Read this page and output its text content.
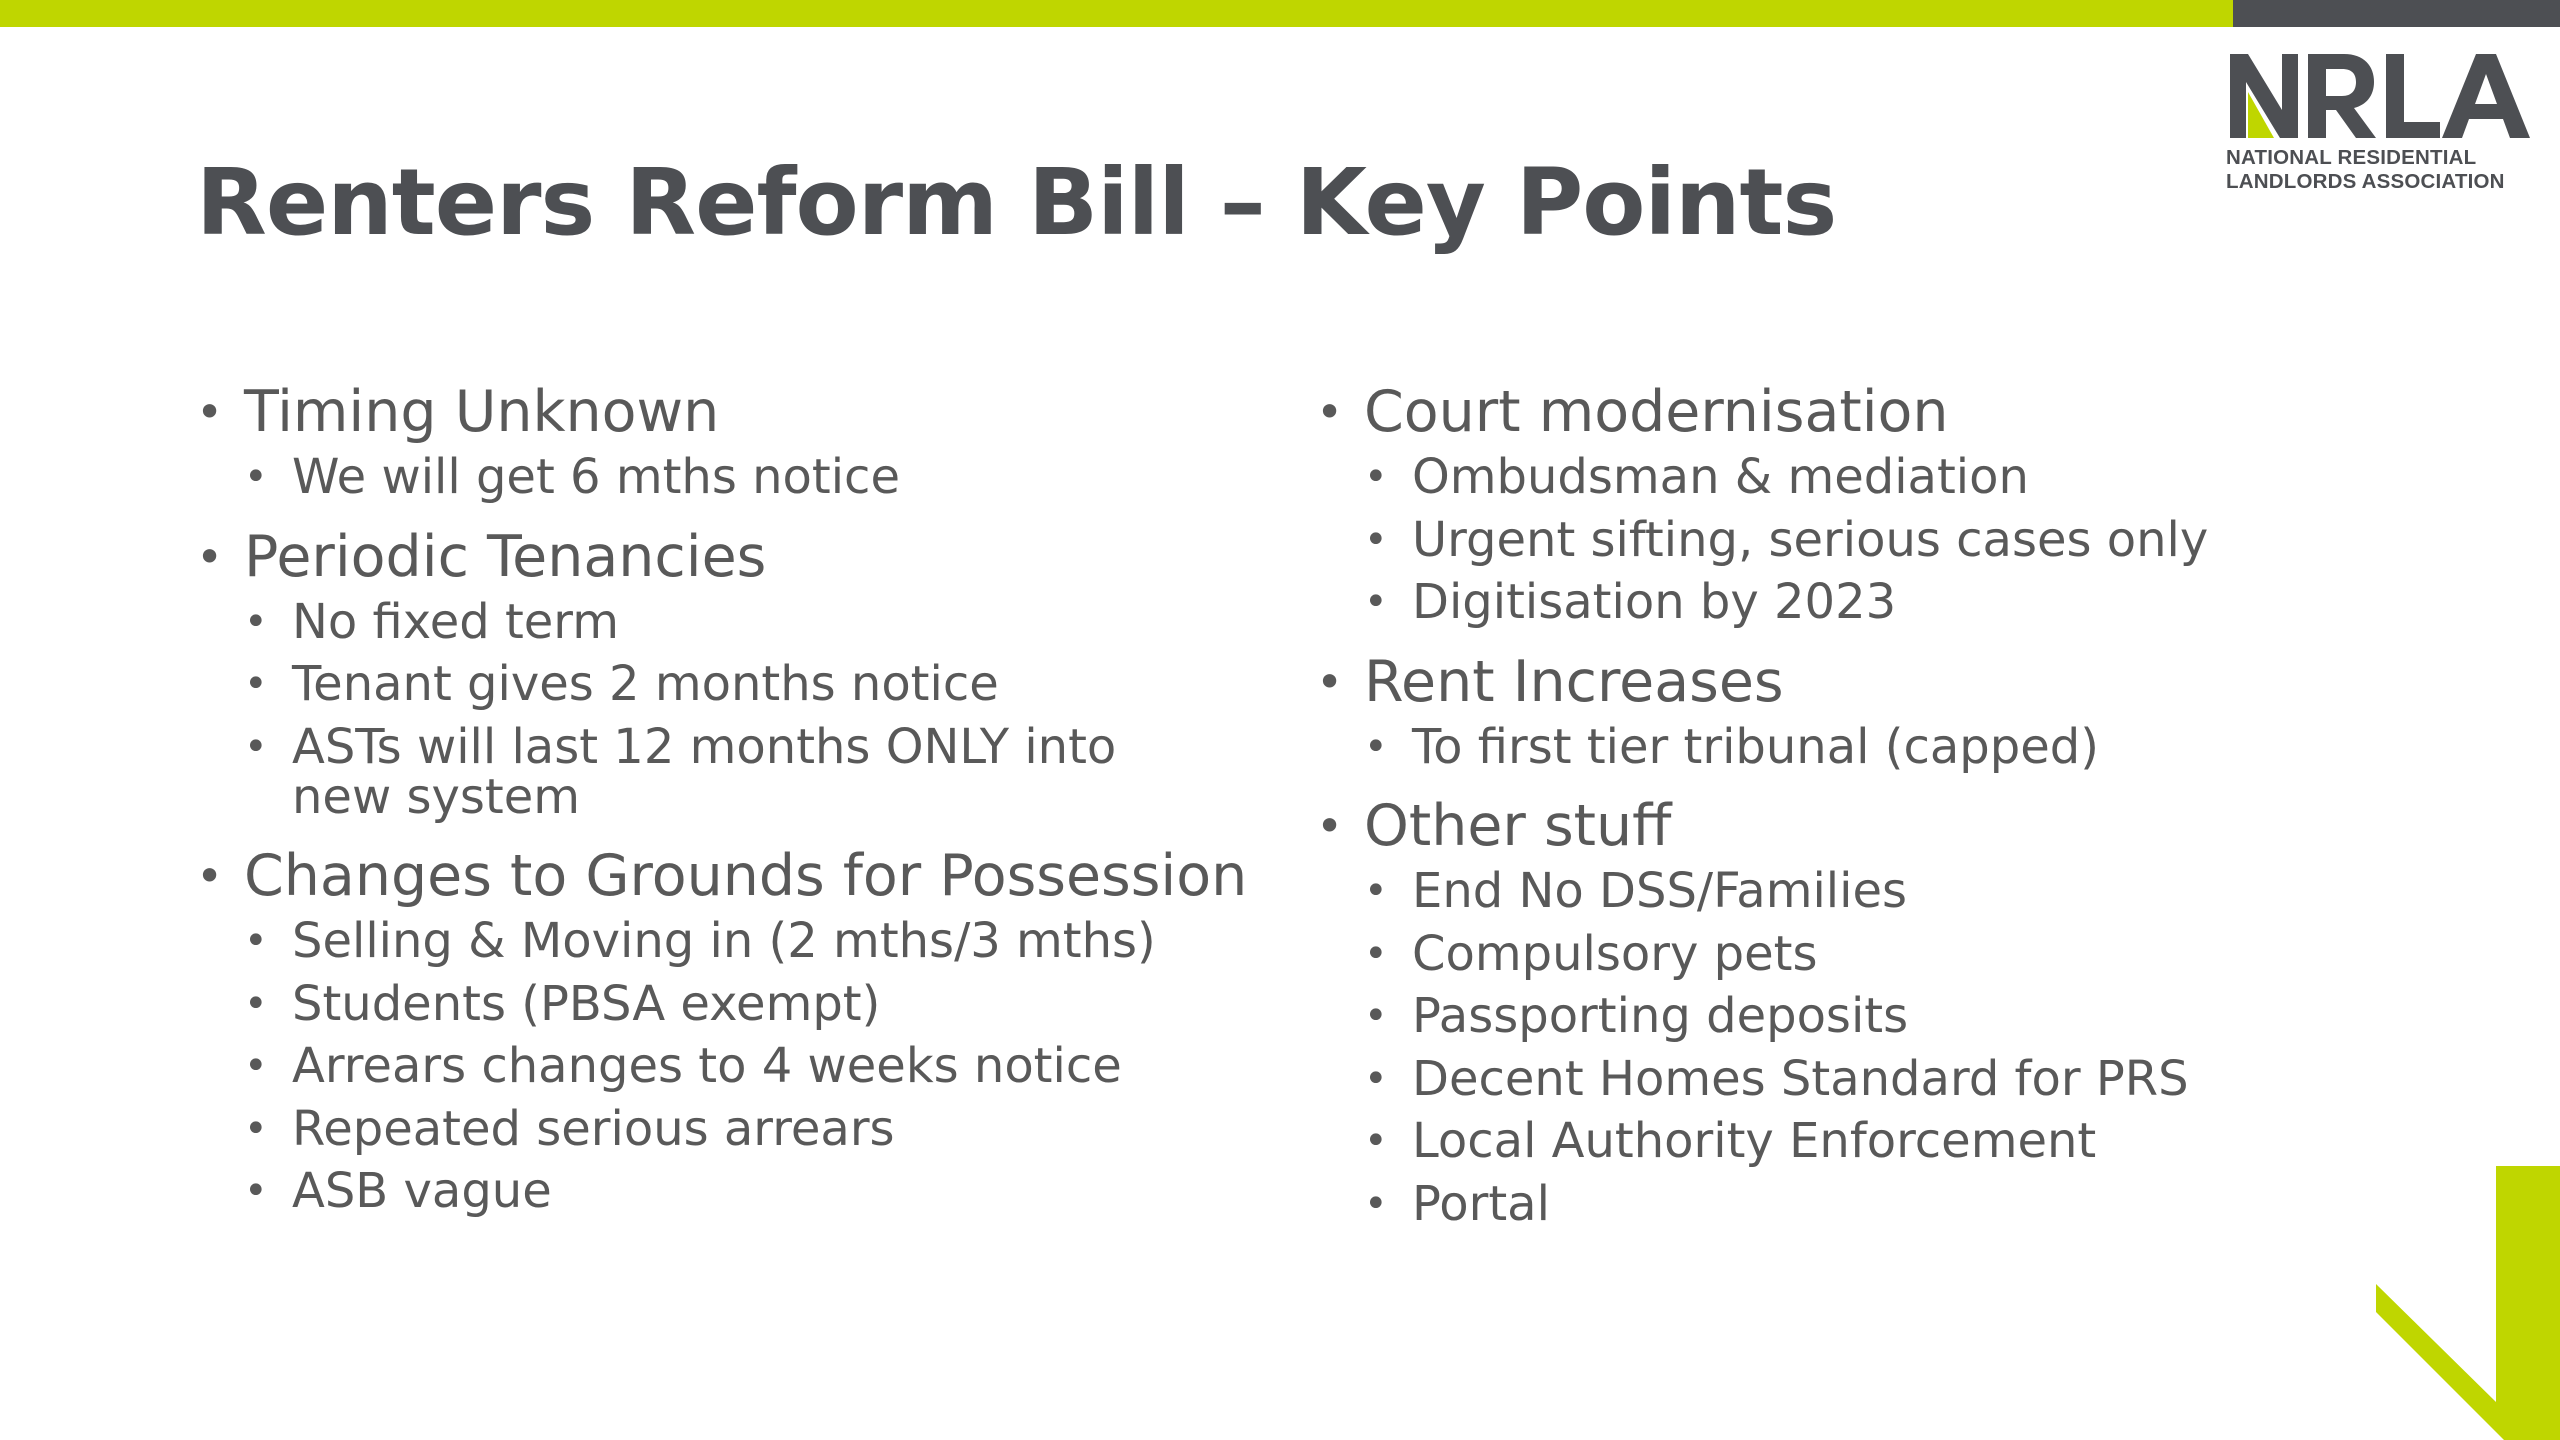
NATIONAL RESIDENTIAL
LANDLORDS ASSOCIATION
Renters Reform Bill – Key Points
• Timing Unknown
• We will get 6 mths notice
• Periodic Tenancies
• No fixed term
• Tenant gives 2 months notice
• ASTs will last 12 months ONLY into new system
• Changes to Grounds for Possession
• Selling & Moving in (2 mths/3 mths)
• Students (PBSA exempt)
• Arrears changes to 4 weeks notice
• Repeated serious arrears
• ASB vague
• Court modernisation
• Ombudsman & mediation
• Urgent sifting, serious cases only
• Digitisation by 2023
• Rent Increases
• To first tier tribunal (capped)
• Other stuff
• End No DSS/Families
• Compulsory pets
• Passporting deposits
• Decent Homes Standard for PRS
• Local Authority Enforcement
• Portal
